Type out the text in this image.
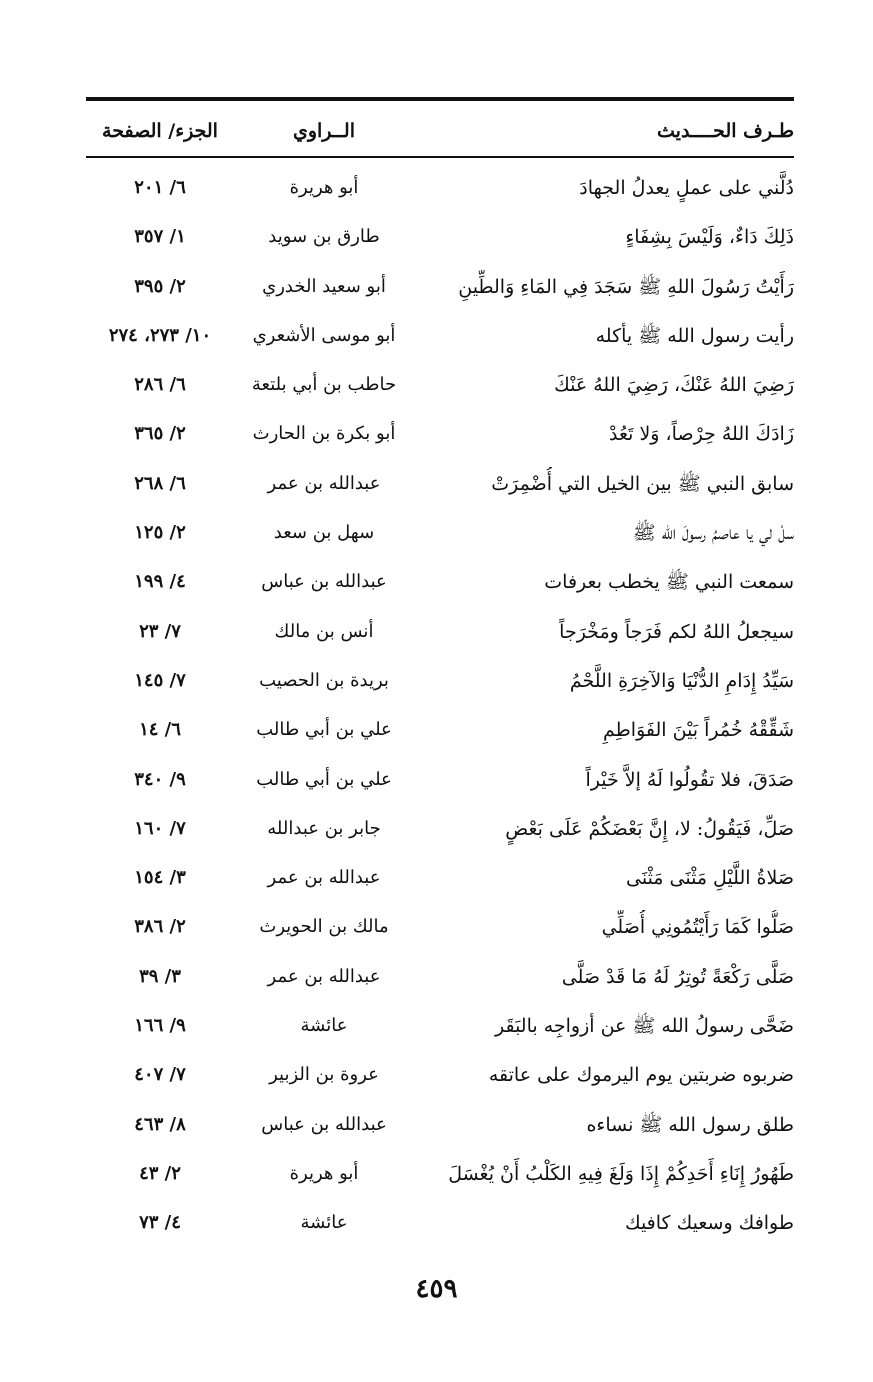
طـرف الحــــديث
الــراوي
الجزء/ الصفحة
دُلَّني على عملٍ يعدلُ الجهادَ
أبو هريرة
٦/ ٢٠١
ذَلِكَ دَاءٌ، وَلَيْسَ بِشِفَاءٍ
طارق بن سويد
١/ ٣٥٧
رَأَيْتُ رَسُولَ اللهِ ﷺ سَجَدَ فِي المَاءِ وَالطِّينِ
أبو سعيد الخدري
٢/ ٣٩٥
رأيت رسول الله ﷺ يأكله
أبو موسى الأشعري
١٠/ ٢٧٣، ٢٧٤
رَضِيَ اللهُ عَنْكَ، رَضِيَ اللهُ عَنْكَ
حاطب بن أبي بلتعة
٦/ ٢٨٦
زَادَكَ اللهُ حِرْصاً، وَلا تَعُدْ
أبو بكرة بن الحارث
٢/ ٣٦٥
سابق النبي ﷺ بين الخيل التي أُضْمِرَتْ
عبدالله بن عمر
٦/ ٢٦٨
سلْ لي يا عاصمُ رسولَ الله ﷺ
سهل بن سعد
٢/ ١٢٥
سمعت النبي ﷺ يخطب بعرفات
عبدالله بن عباس
٤/ ١٩٩
سيجعلُ اللهُ لكم فَرَجاً ومَخْرَجاً
أنس بن مالك
٧/ ٢٣
سَيِّدُ إِدَامِ الدُّنْيَا وَالآخِرَةِ اللَّحْمُ
بريدة بن الحصيب
٧/ ١٤٥
شَقِّقْهُ خُمُراً بَيْنَ الفَوَاطِمِ
علي بن أبي طالب
٦/ ١٤
صَدَقَ، فلا تقُولُوا لَهُ إلاَّ خَيْراً
علي بن أبي طالب
٩/ ٣٤٠
صَلِّ، فَيَقُولُ: لا، إِنَّ بَعْضَكُمْ عَلَى بَعْضٍ
جابر بن عبدالله
٧/ ١٦٠
صَلاةُ اللَّيْلِ مَثْنَى مَثْنَى
عبدالله بن عمر
٣/ ١٥٤
صَلُّوا كَمَا رَأَيْتُمُونِي أُصَلِّي
مالك بن الحويرث
٢/ ٣٨٦
صَلَّى رَكْعَةً تُوتِرُ لَهُ مَا قَدْ صَلَّى
عبدالله بن عمر
٣/ ٣٩
ضَحَّى رسولُ الله ﷺ عن أزواجِه بالبَقَر
عائشة
٩/ ١٦٦
ضربوه ضربتين يوم اليرموك على عاتقه
عروة بن الزبير
٧/ ٤٠٧
طلق رسول الله ﷺ نساءه
عبدالله بن عباس
٨/ ٤٦٣
طَهُورُ إِنَاءِ أَحَدِكُمْ إِذَا وَلَغَ فِيهِ الكَلْبُ أَنْ يُغْسَلَ
أبو هريرة
٢/ ٤٣
طوافك وسعيك كافيك
عائشة
٤/ ٧٣
٤٥٩
